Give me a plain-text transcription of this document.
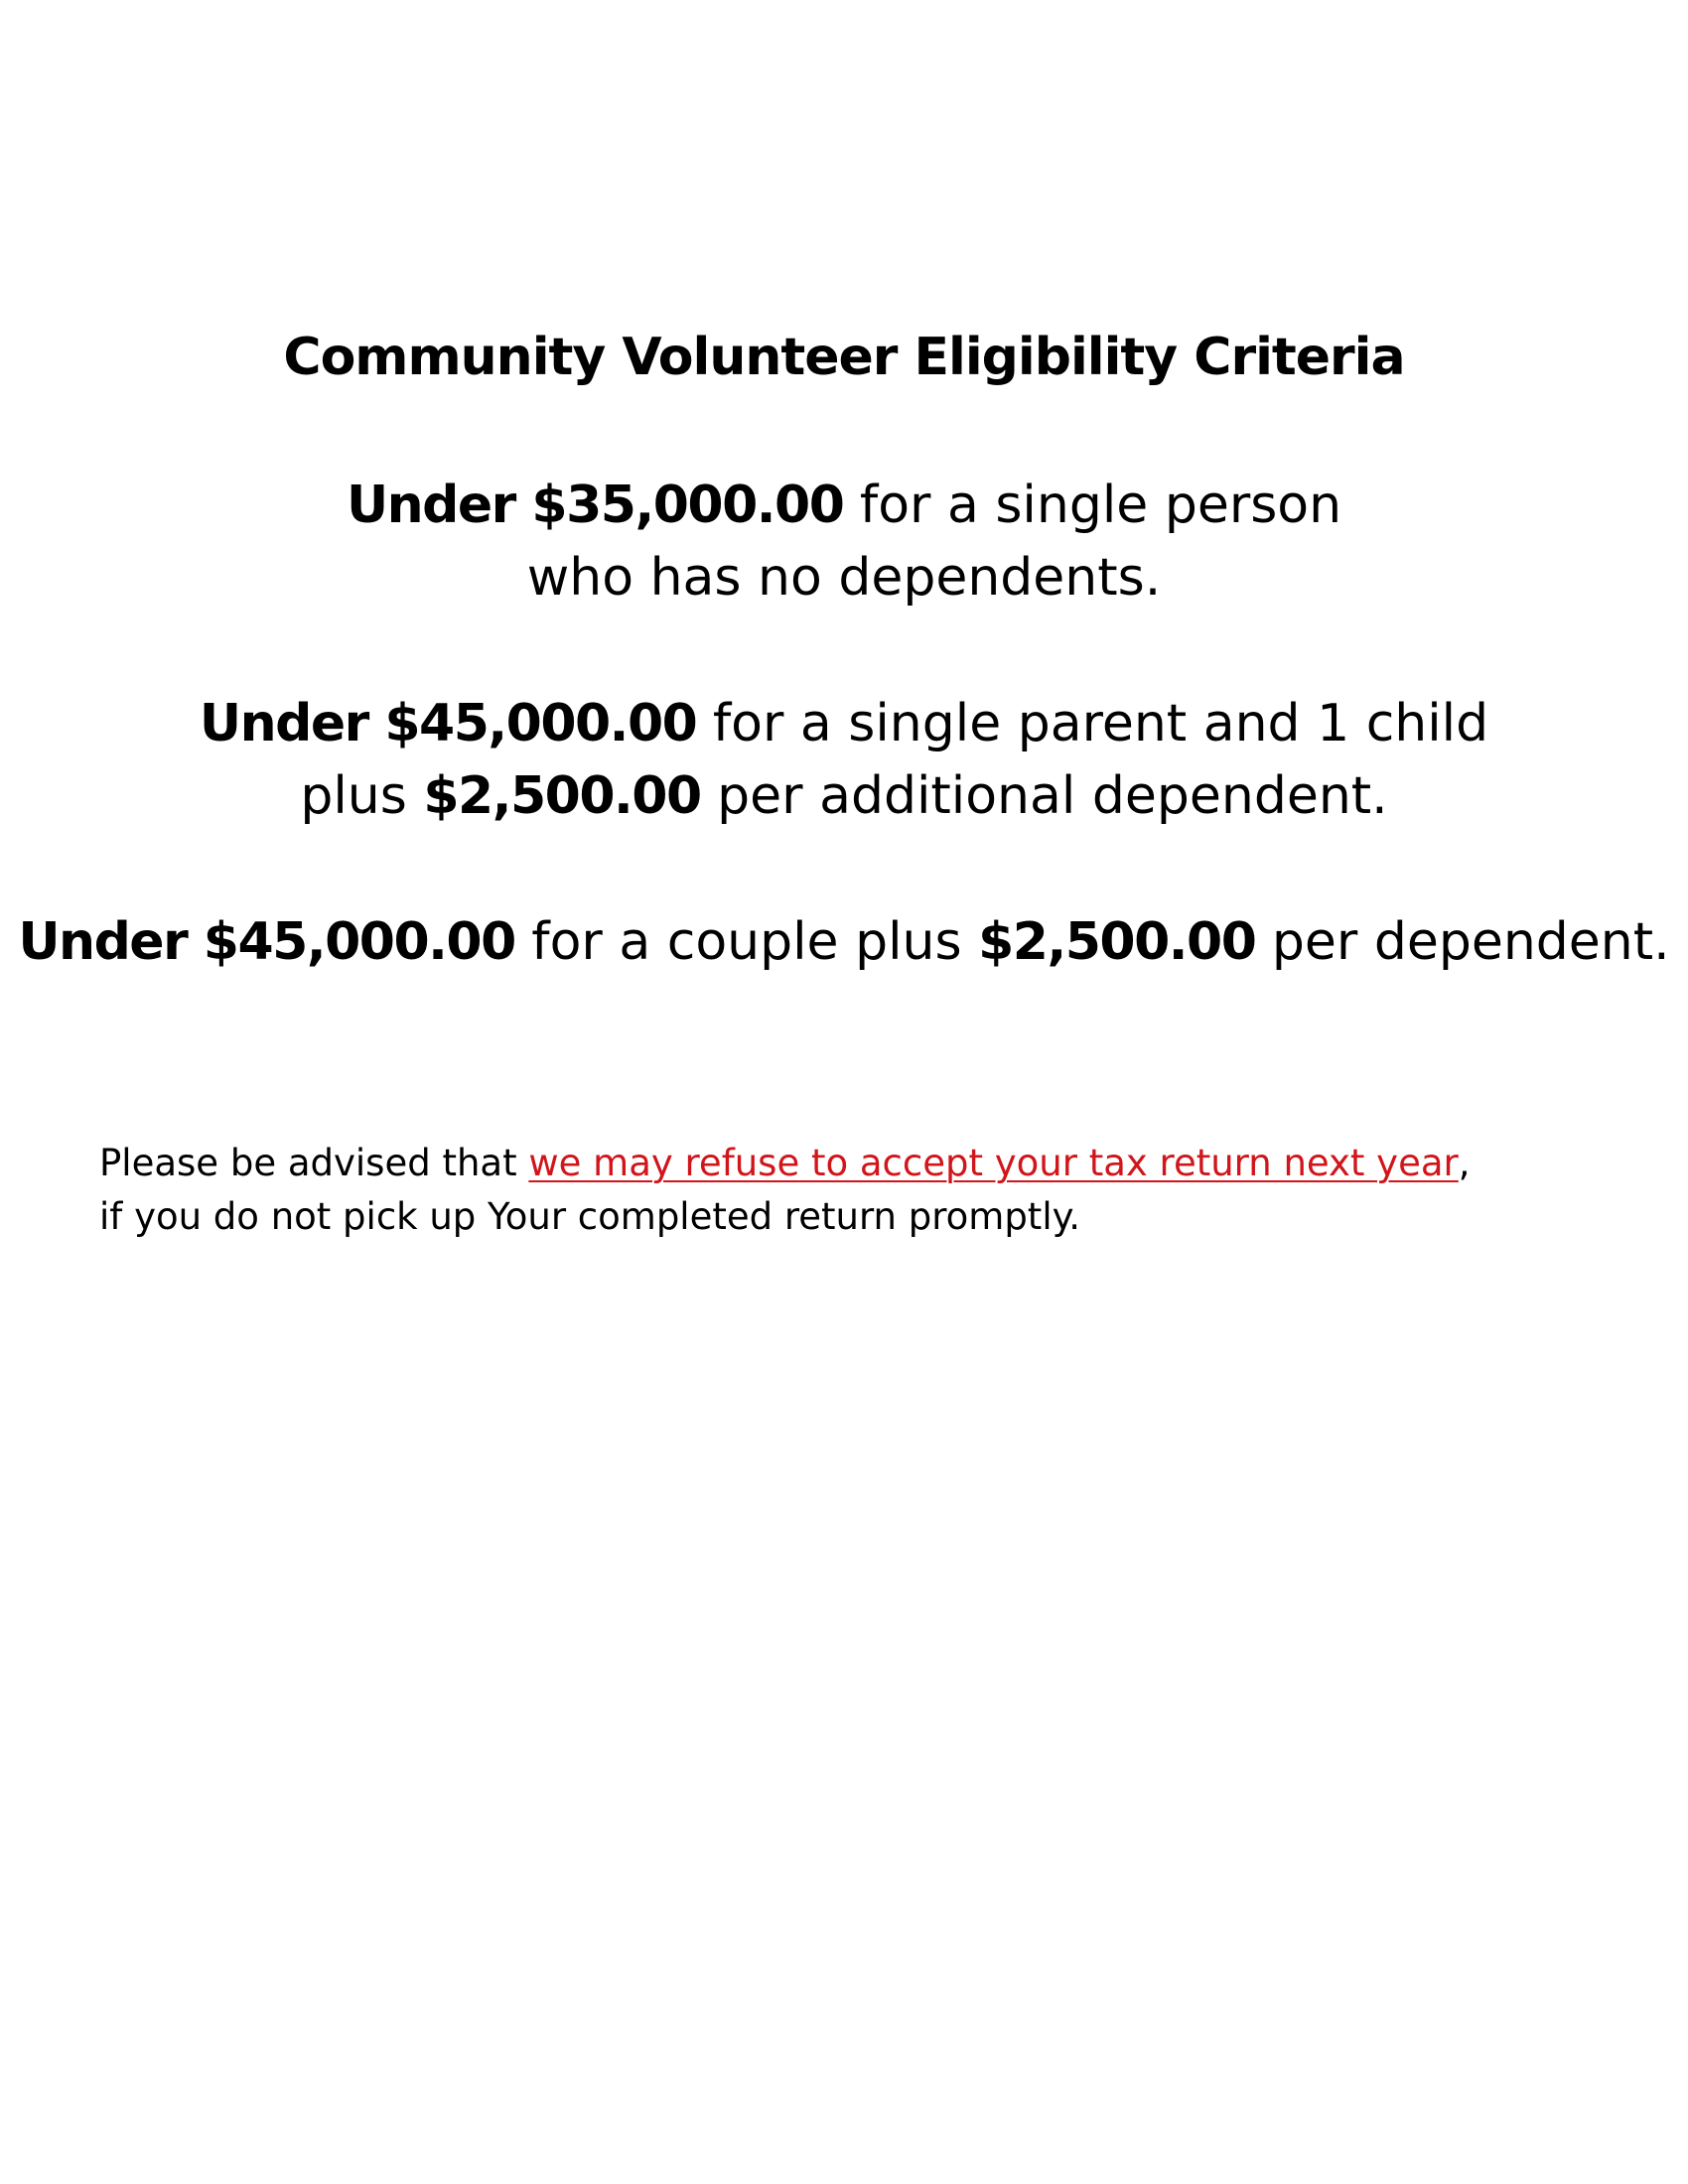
Community Volunteer Eligibility Criteria

Under $35,000.00 for a single person

who has no dependents.

Under $45,000.00 for a single parent and 1 child

plus $2,500.00 per additional dependent.

Under $45,000.00 for a couple plus $2,500.00 per dependent.

Please be advised that we may refuse to accept your tax return next year,

if you do not pick up Your completed return promptly.
